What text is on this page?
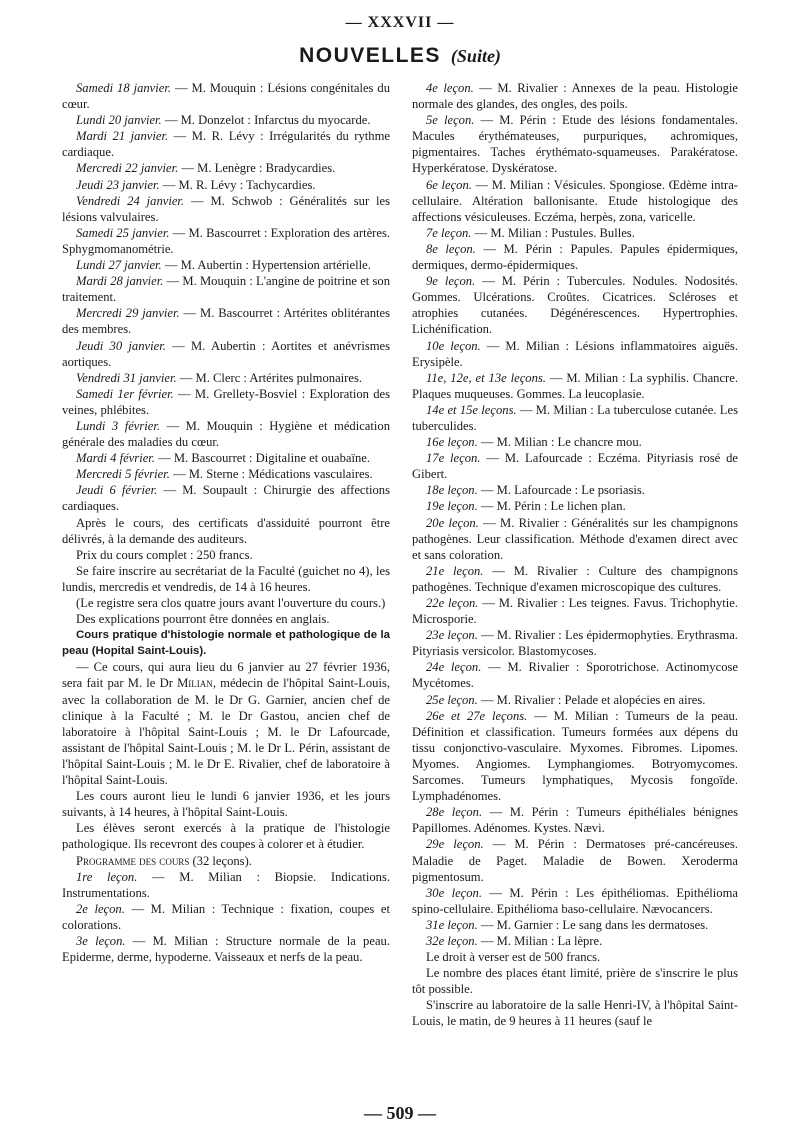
— XXXVII —
NOUVELLES (Suite)

Samedi 18 janvier. — M. Mouquin : Lésions congénitales du cœur.

Lundi 20 janvier. — M. Donzelot : Infarctus du myocarde.

Mardi 21 janvier. — M. R. Lévy : Irrégularités du rythme cardiaque.

Mercredi 22 janvier. — M. Lenègre : Bradycardies.

Jeudi 23 janvier. — M. R. Lévy : Tachycardies.

Vendredi 24 janvier. — M. Schwob : Généralités sur les lésions valvulaires.

Samedi 25 janvier. — M. Bascourret : Exploration des artères. Sphygmomanométrie.

Lundi 27 janvier. — M. Aubertin : Hypertension artérielle.

Mardi 28 janvier. — M. Mouquin : L'angine de poitrine et son traitement.

Mercredi 29 janvier. — M. Bascourret : Artérites oblitérantes des membres.

Jeudi 30 janvier. — M. Aubertin : Aortites et anévrismes aortiques.

Vendredi 31 janvier. — M. Clerc : Artérites pulmonaires.

Samedi 1er février. — M. Grellety-Bosviel : Exploration des veines, phlébites.

Lundi 3 février. — M. Mouquin : Hygiène et médication générale des maladies du cœur.

Mardi 4 février. — M. Bascourret : Digitaline et ouabaïne.

Mercredi 5 février. — M. Sterne : Médications vasculaires.

Jeudi 6 février. — M. Soupault : Chirurgie des affections cardiaques.

Après le cours, des certificats d'assiduité pourront être délivrés, à la demande des auditeurs.

Prix du cours complet : 250 francs.

Se faire inscrire au secrétariat de la Faculté (guichet no 4), les lundis, mercredis et vendredis, de 14 à 16 heures.

(Le registre sera clos quatre jours avant l'ouverture du cours.)

Des explications pourront être données en anglais.

Cours pratique d'histologie normale et pathologique de la peau (Hopital Saint-Louis).

— Ce cours, qui aura lieu du 6 janvier au 27 février 1936, sera fait par M. le Dr Milian, médecin de l'hôpital Saint-Louis, avec la collaboration de M. le Dr G. Garnier, ancien chef de clinique à la Faculté ; M. le Dr Gastou, ancien chef de laboratoire à l'hôpital Saint-Louis ; M. le Dr Lafourcade, assistant de l'hôpital Saint-Louis ; M. le Dr L. Périn, assistant de l'hôpital Saint-Louis ; M. le Dr E. Rivalier, chef de laboratoire à l'hôpital Saint-Louis.

Les cours auront lieu le lundi 6 janvier 1936, et les jours suivants, à 14 heures, à l'hôpital Saint-Louis.

Les élèves seront exercés à la pratique de l'histologie pathologique. Ils recevront des coupes à colorer et à étudier.

Programme des cours (32 leçons).

1re leçon. — M. Milian : Biopsie. Indications. Instrumentations.

2e leçon. — M. Milian : Technique : fixation, coupes et colorations.

3e leçon. — M. Milian : Structure normale de la peau. Epiderme, derme, hypoderne. Vaisseaux et nerfs de la peau.

4e leçon. — M. Rivalier : Annexes de la peau. Histologie normale des glandes, des ongles, des poils.

5e leçon. — M. Périn : Etude des lésions fondamentales. Macules érythémateuses, purpuriques, achromiques, pigmentaires. Taches érythémato-squameuses. Parakératose. Hyperkératose. Dyskératose.

6e leçon. — M. Milian : Vésicules. Spongiose. Œdème intra-cellulaire. Altération ballonisante. Etude histologique des affections vésiculeuses. Eczéma, herpès, zona, varicelle.

7e leçon. — M. Milian : Pustules. Bulles.

8e leçon. — M. Périn : Papules. Papules épidermiques, dermiques, dermo-épidermiques.

9e leçon. — M. Périn : Tubercules. Nodules. Nodosités. Gommes. Ulcérations. Croûtes. Cicatrices. Scléroses et atrophies cutanées. Dégénérescences. Hypertrophies. Lichénification.

10e leçon. — M. Milian : Lésions inflammatoires aiguës. Erysipèle.

11e, 12e, et 13e leçons. — M. Milian : La syphilis. Chancre. Plaques muqueuses. Gommes. La leucoplasie.

14e et 15e leçons. — M. Milian : La tuberculose cutanée. Les tuberculides.

16e leçon. — M. Milian : Le chancre mou.

17e leçon. — M. Lafourcade : Eczéma. Pityriasis rosé de Gibert.

18e leçon. — M. Lafourcade : Le psoriasis.

19e leçon. — M. Périn : Le lichen plan.

20e leçon. — M. Rivalier : Généralités sur les champignons pathogènes. Leur classification. Méthode d'examen direct avec et sans coloration.

21e leçon. — M. Rivalier : Culture des champignons pathogènes. Technique d'examen microscopique des cultures.

22e leçon. — M. Rivalier : Les teignes. Favus. Trichophytie. Microsporie.

23e leçon. — M. Rivalier : Les épidermophyties. Erythrasma. Pityriasis versicolor. Blastomycoses.

24e leçon. — M. Rivalier : Sporotrichose. Actinomycose Mycétomes.

25e leçon. — M. Rivalier : Pelade et alopécies en aires.

26e et 27e leçons. — M. Milian : Tumeurs de la peau. Définition et classification. Tumeurs formées aux dépens du tissu conjonctivo-vasculaire. Myxomes. Fibromes. Lipomes. Myomes. Angiomes. Lymphangiomes. Botryomycomes. Sarcomes. Tumeurs lymphatiques, Mycosis fongoïde. Lymphadénomes.

28e leçon. — M. Périn : Tumeurs épithéliales bénignes Papillomes. Adénomes. Kystes. Nævi.

29e leçon. — M. Périn : Dermatoses pré-cancéreuses. Maladie de Paget. Maladie de Bowen. Xeroderma pigmentosum.

30e leçon. — M. Périn : Les épithéliomas. Epithélioma spino-cellulaire. Epithélioma baso-cellulaire. Nævocancers.

31e leçon. — M. Garnier : Le sang dans les dermatoses.

32e leçon. — M. Milian : La lèpre.

Le droit à verser est de 500 francs.

Le nombre des places étant limité, prière de s'inscrire le plus tôt possible.

S'inscrire au laboratoire de la salle Henri-IV, à l'hôpital Saint-Louis, le matin, de 9 heures à 11 heures (sauf le

— 509 —
